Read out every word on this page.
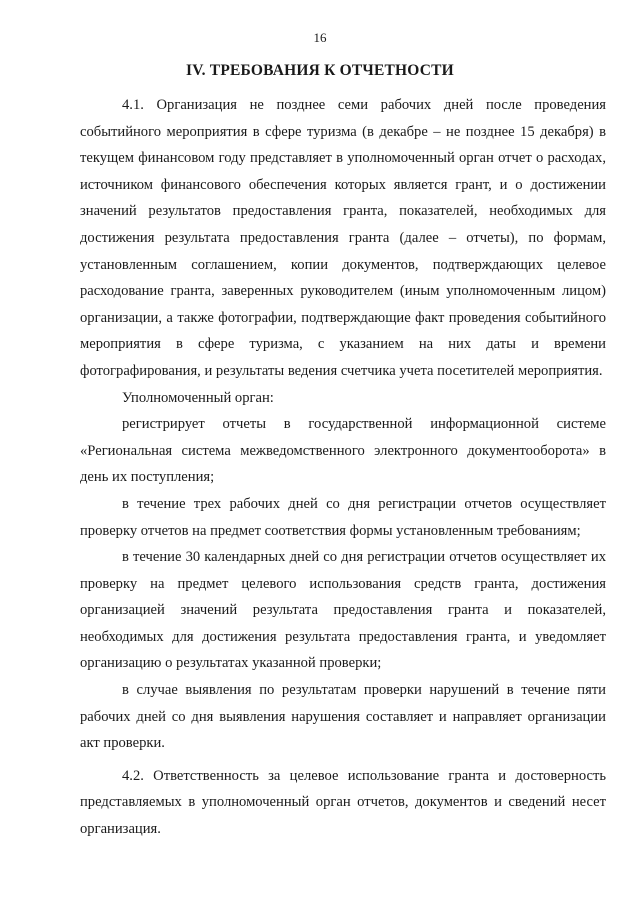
16
IV. ТРЕБОВАНИЯ К ОТЧЕТНОСТИ

4.1. Организация не позднее семи рабочих дней после проведения событийного мероприятия в сфере туризма (в декабре – не позднее 15 декабря) в текущем финансовом году представляет в уполномоченный орган отчет о расходах, источником финансового обеспечения которых является грант, и о достижении значений результатов предоставления гранта, показателей, необходимых для достижения результата предоставления гранта (далее – отчеты), по формам, установленным соглашением, копии документов, подтверждающих целевое расходование гранта, заверенных руководителем (иным уполномоченным лицом) организации, а также фотографии, подтверждающие факт проведения событийного мероприятия в сфере туризма, с указанием на них даты и времени фотографирования, и результаты ведения счетчика учета посетителей мероприятия.

Уполномоченный орган:

регистрирует отчеты в государственной информационной системе «Региональная система межведомственного электронного документооборота» в день их поступления;

в течение трех рабочих дней со дня регистрации отчетов осуществляет проверку отчетов на предмет соответствия формы установленным требованиям;

в течение 30 календарных дней со дня регистрации отчетов осуществляет их проверку на предмет целевого использования средств гранта, достижения организацией значений результата предоставления гранта и показателей, необходимых для достижения результата предоставления гранта, и уведомляет организацию о результатах указанной проверки;

в случае выявления по результатам проверки нарушений в течение пяти рабочих дней со дня выявления нарушения составляет и направляет организации акт проверки.

4.2. Ответственность за целевое использование гранта и достоверность представляемых в уполномоченный орган отчетов, документов и сведений несет организация.
